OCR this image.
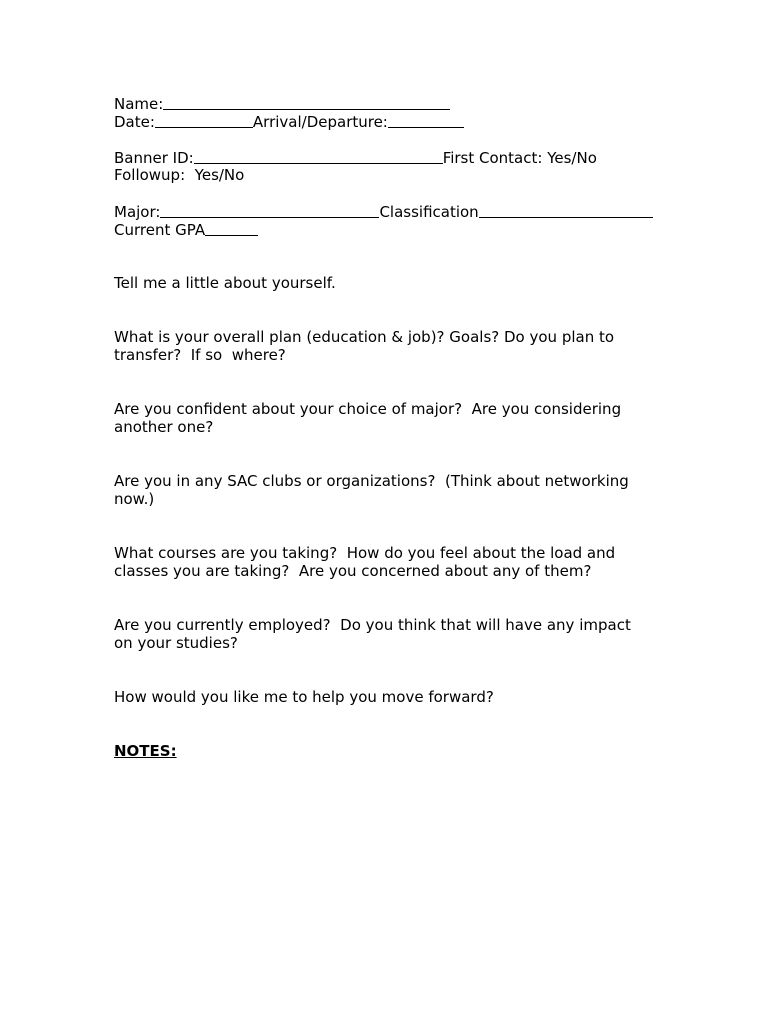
Name:
Date:	Arrival/Departure:
Banner ID:	First Contact: Yes/No
Followup:  Yes/No
Major:	Classification
Current GPA
Tell me a little about yourself.
What is your overall plan (education & job)? Goals? Do you plan to
transfer?  If so  where?
Are you confident about your choice of major?  Are you considering
another one?
Are you in any SAC clubs or organizations?  (Think about networking
now.)
What courses are you taking?  How do you feel about the load and
classes you are taking?  Are you concerned about any of them?
Are you currently employed?  Do you think that will have any impact
on your studies?
How would you like me to help you move forward?
NOTES:
